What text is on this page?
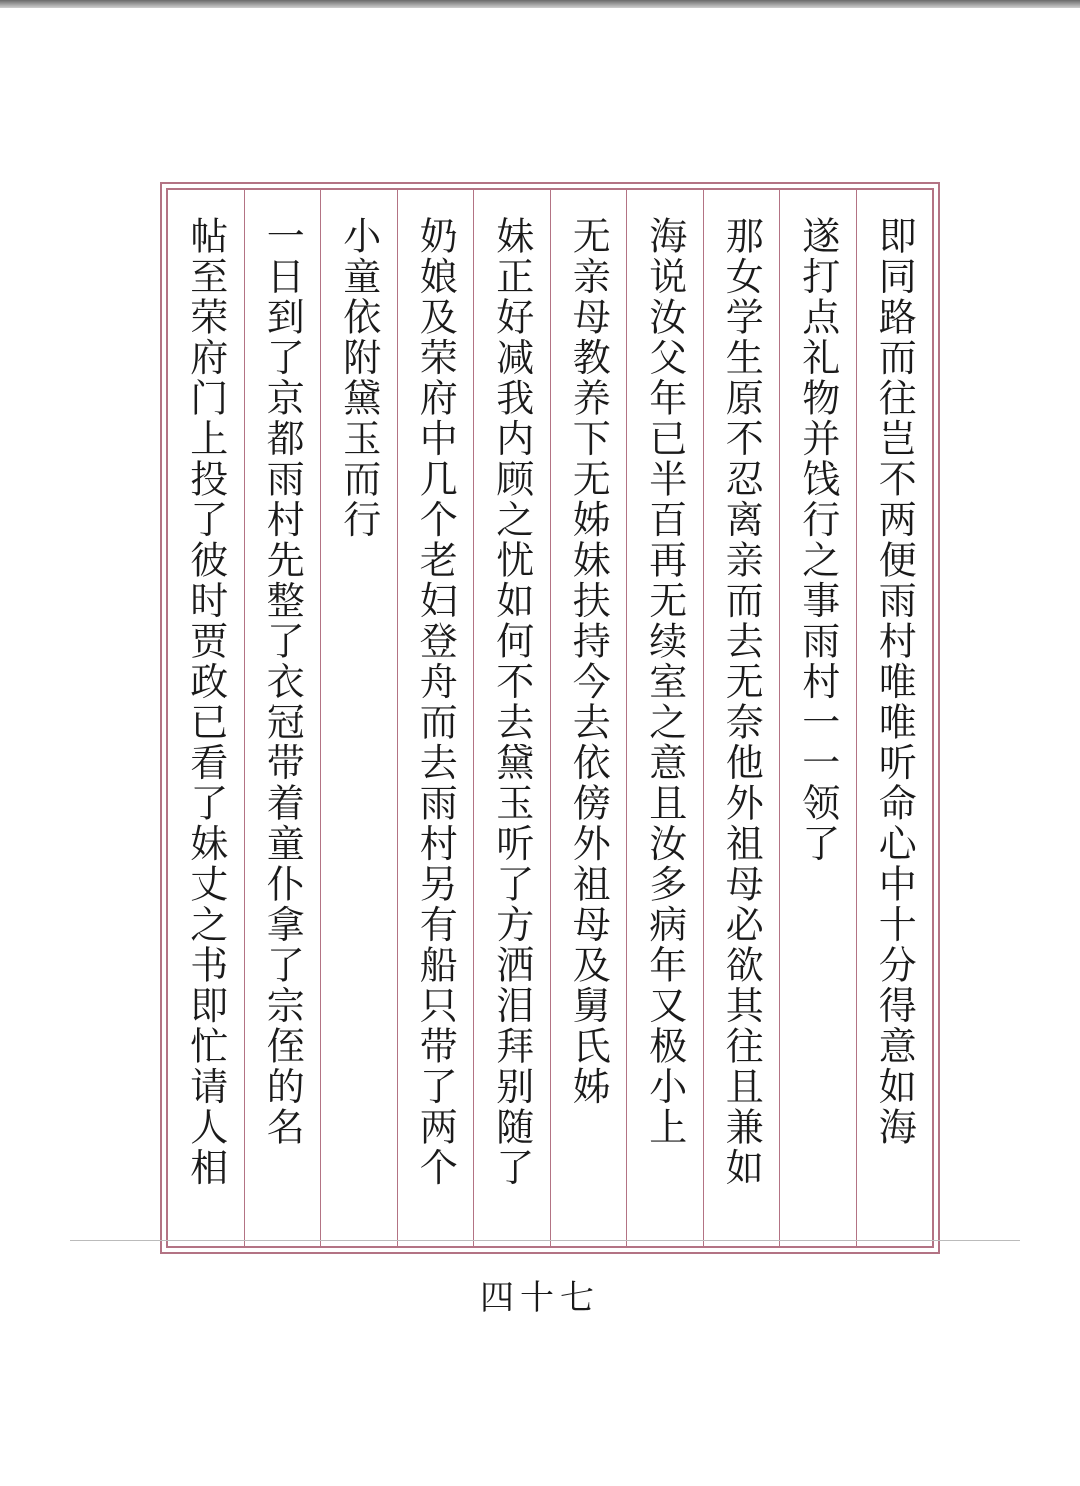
即同路而往岂不两便雨村唯唯听命心中十分得意如海
遂打点礼物并饯行之事雨村一一领了
那女学生原不忍离亲而去无奈他外祖母必欲其往且兼如
海说汝父年已半百再无续室之意且汝多病年又极小上
无亲母教养下无姊妹扶持今去依傍外祖母及舅氏姊
妹正好减我内顾之忧如何不去黛玉听了方洒泪拜别随了
奶娘及荣府中几个老妇登舟而去雨村另有船只带了两个
小童依附黛玉而行
一日到了京都雨村先整了衣冠带着童仆拿了宗侄的名
帖至荣府门上投了彼时贾政已看了妹丈之书即忙请人相
四十七
